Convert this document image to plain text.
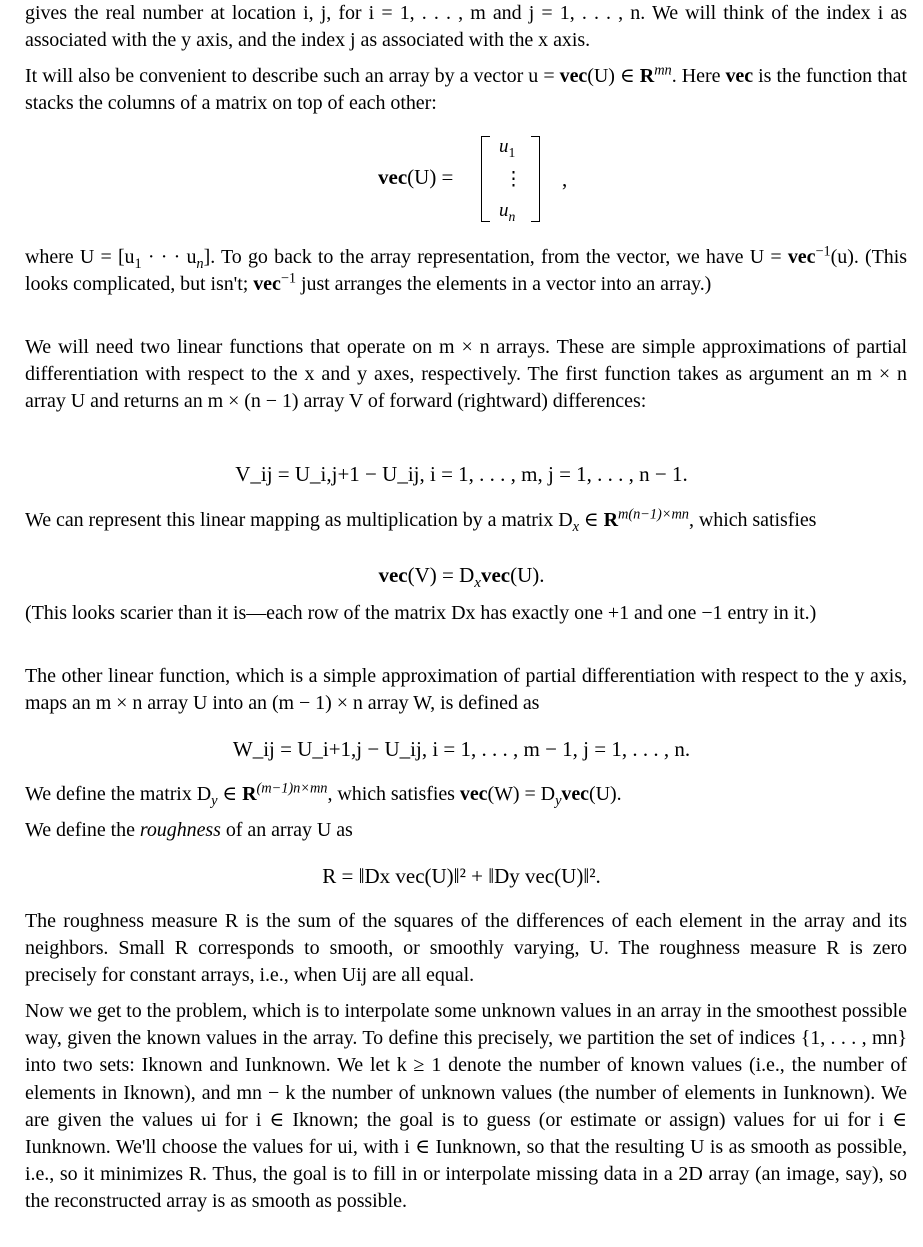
gives the real number at location i, j, for i = 1, . . . , m and j = 1, . . . , n. We will think of the index i as associated with the y axis, and the index j as associated with the x axis.

It will also be convenient to describe such an array by a vector u = vec(U) ∈ $R^{mn}$. Here vec is the function that stacks the columns of a matrix on top of each other:

vec(U) =
$u_1$
⋮
$u_n$
,

where $U = [u_1$ · · · $u_n$]. To go back to the array representation, from the vector, we have U = vec$^{-1}$(u). (This looks complicated, but isn't; vec$^{-1}$ just arranges the elements in a vector into an array.)

We will need two linear functions that operate on m × n arrays. These are simple approximations of partial differentiation with respect to the x and y axes, respectively. The first function takes as argument an m × n array U and returns an m × (n − 1) array V of forward (rightward) differences:

V_ij = U_i,j+1 − U_ij, i = 1, . . . , m, j = 1, . . . , n − 1.

We can represent this linear mapping as multiplication by a matrix $D_x$ ∈ $R^{m(n-1)\times mn}$, which satisfies

$vec(V) = D_xvec(U)$.

(This looks scarier than it is—each row of the matrix Dx has exactly one +1 and one −1 entry in it.)

The other linear function, which is a simple approximation of partial differentiation with respect to the y axis, maps an m × n array U into an (m − 1) × n array W, is defined as

W_ij = U_i+1,j − U_ij, i = 1, . . . , m − 1, j = 1, . . . , n.

We define the matrix $D_y$ ∈ $R^{(m-1)n\times mn}$, which satisfies $vec(W) = D_yvec(U)$.

We define the roughness of an array U as

R = ‖Dx vec(U)‖² + ‖Dy vec(U)‖².

The roughness measure R is the sum of the squares of the differences of each element in the array and its neighbors. Small R corresponds to smooth, or smoothly varying, U. The roughness measure R is zero precisely for constant arrays, i.e., when Uij are all equal.

Now we get to the problem, which is to interpolate some unknown values in an array in the smoothest possible way, given the known values in the array. To define this precisely, we partition the set of indices {1, . . . , mn} into two sets: Iknown and Iunknown. We let k ≥ 1 denote the number of known values (i.e., the number of elements in Iknown), and mn − k the number of unknown values (the number of elements in Iunknown). We are given the values ui for i ∈ Iknown; the goal is to guess (or estimate or assign) values for ui for i ∈ Iunknown. We'll choose the values for ui, with i ∈ Iunknown, so that the resulting U is as smooth as possible, i.e., so it minimizes R. Thus, the goal is to fill in or interpolate missing data in a 2D array (an image, say), so the reconstructed array is as smooth as possible.
